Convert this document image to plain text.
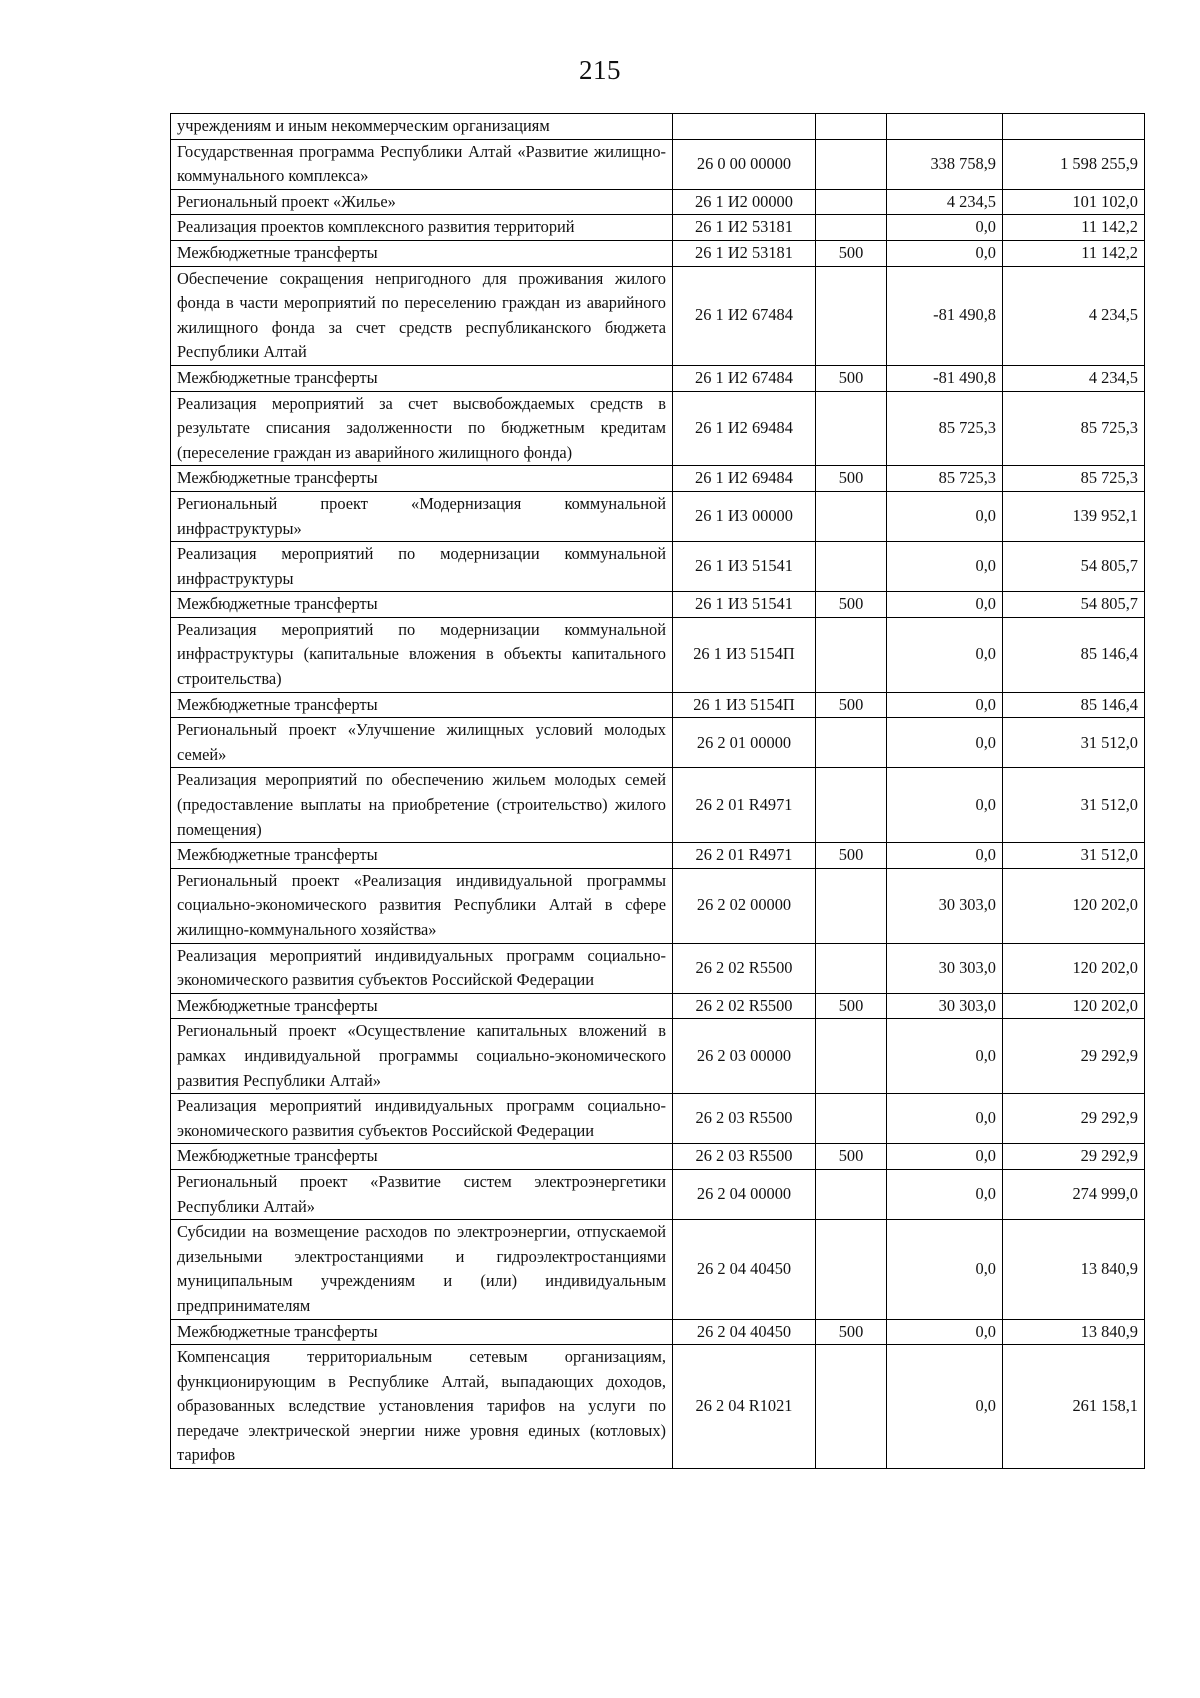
215
учреждениям и иным некоммерческим организациям				
Государственная программа Республики Алтай «Развитие жилищно-коммунального комплекса»	26 0 00 00000		338 758,9	1 598 255,9
Региональный проект «Жилье»	26 1 И2 00000		4 234,5	101 102,0
Реализация проектов комплексного развития территорий	26 1 И2 53181		0,0	11 142,2
Межбюджетные трансферты	26 1 И2 53181	500	0,0	11 142,2
Обеспечение сокращения непригодного для проживания жилого фонда в части мероприятий по переселению граждан из аварийного жилищного фонда за счет средств республиканского бюджета Республики Алтай	26 1 И2 67484		-81 490,8	4 234,5
Межбюджетные трансферты	26 1 И2 67484	500	-81 490,8	4 234,5
Реализация мероприятий за счет высвобождаемых средств в результате списания задолженности по бюджетным кредитам (переселение граждан из аварийного жилищного фонда)	26 1 И2 69484		85 725,3	85 725,3
Межбюджетные трансферты	26 1 И2 69484	500	85 725,3	85 725,3
Региональный проект «Модернизация коммунальной инфраструктуры»	26 1 И3 00000		0,0	139 952,1
Реализация мероприятий по модернизации коммунальной инфраструктуры	26 1 И3 51541		0,0	54 805,7
Межбюджетные трансферты	26 1 И3 51541	500	0,0	54 805,7
Реализация мероприятий по модернизации коммунальной инфраструктуры (капитальные вложения в объекты капитального строительства)	26 1 И3 5154П		0,0	85 146,4
Межбюджетные трансферты	26 1 И3 5154П	500	0,0	85 146,4
Региональный проект «Улучшение жилищных условий молодых семей»	26 2 01 00000		0,0	31 512,0
Реализация мероприятий по обеспечению жильем молодых семей (предоставление выплаты на приобретение (строительство) жилого помещения)	26 2 01 R4971		0,0	31 512,0
Межбюджетные трансферты	26 2 01 R4971	500	0,0	31 512,0
Региональный проект «Реализация индивидуальной программы социально-экономического развития Республики Алтай в сфере жилищно-коммунального хозяйства»	26 2 02 00000		30 303,0	120 202,0
Реализация мероприятий индивидуальных программ социально-экономического развития субъектов Российской Федерации	26 2 02 R5500		30 303,0	120 202,0
Межбюджетные трансферты	26 2 02 R5500	500	30 303,0	120 202,0
Региональный проект «Осуществление капитальных вложений в рамках индивидуальной программы социально-экономического развития Республики Алтай»	26 2 03 00000		0,0	29 292,9
Реализация мероприятий индивидуальных программ социально-экономического развития субъектов Российской Федерации	26 2 03 R5500		0,0	29 292,9
Межбюджетные трансферты	26 2 03 R5500	500	0,0	29 292,9
Региональный проект «Развитие систем электроэнергетики Республики Алтай»	26 2 04 00000		0,0	274 999,0
Субсидии на возмещение расходов по электроэнергии, отпускаемой дизельными электростанциями и гидроэлектростанциями муниципальным учреждениям и (или) индивидуальным предпринимателям	26 2 04 40450		0,0	13 840,9
Межбюджетные трансферты	26 2 04 40450	500	0,0	13 840,9
Компенсация территориальным сетевым организациям, функционирующим в Республике Алтай, выпадающих доходов, образованных вследствие установления тарифов на услуги по передаче электрической энергии ниже уровня единых (котловых) тарифов	26 2 04 R1021		0,0	261 158,1
